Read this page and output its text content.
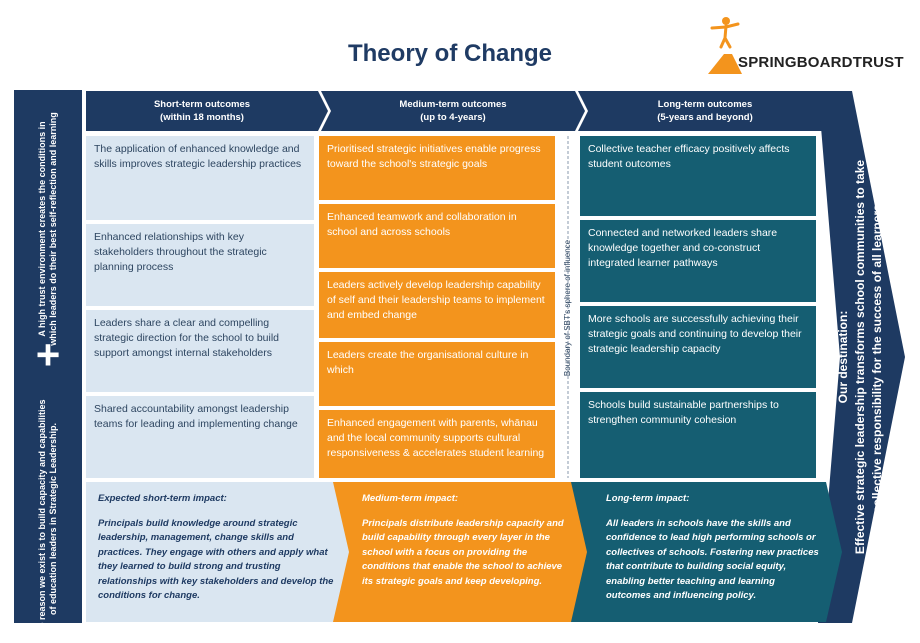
Theory of Change	SPRINGBOARDTRUST
A high trust environment creates the conditions in which leaders do their best self-reflection and learning
+
The reason we exist is to build capacity and capabilities of education leaders in Strategic Leadership.
Short-term outcomes
(within 18 months)
Medium-term outcomes
(up to 4-years)
Long-term outcomes
(5-years and beyond)
The application of enhanced knowledge and skills improves strategic leadership practices
Enhanced relationships with key stakeholders throughout the strategic planning process
Leaders share a clear and compelling strategic direction for the school to build support amongst internal stakeholders
Shared accountability amongst leadership teams for leading and implementing change
Prioritised strategic initiatives enable progress toward the school's strategic goals
Enhanced teamwork and collaboration in school and across schools
Leaders actively develop leadership capability of self and their leadership teams to implement and embed change
Leaders create the organisational culture in which
Enhanced engagement with parents, whānau and the local community supports cultural responsiveness & accelerates student learning
Boundary of SBT's sphere of influence
Collective teacher efficacy positively affects student outcomes
Connected and networked leaders share knowledge together and co-construct integrated learner pathways
More schools are successfully achieving their strategic goals and continuing to develop their strategic leadership capacity
Schools build sustainable partnerships to strengthen community cohesion
Expected short-term impact:
Principals build knowledge around strategic leadership, management, change skills and practices. They engage with others and apply what they learned to build strong and trusting relationships with key stakeholders and develop the conditions for change.
Medium-term impact:
Principals distribute leadership capacity and build capability through every layer in the school with a focus on providing the conditions that enable the school to achieve its strategic goals and keep developing.
Long-term impact:
All leaders in schools have the skills and confidence to lead high performing schools or collectives of schools. Fostering new practices that contribute to building social equity, enabling better teaching and learning outcomes and influencing policy.
Our destination: Effective strategic leadership transforms school communities to take collective responsibility for the success of all learners.
